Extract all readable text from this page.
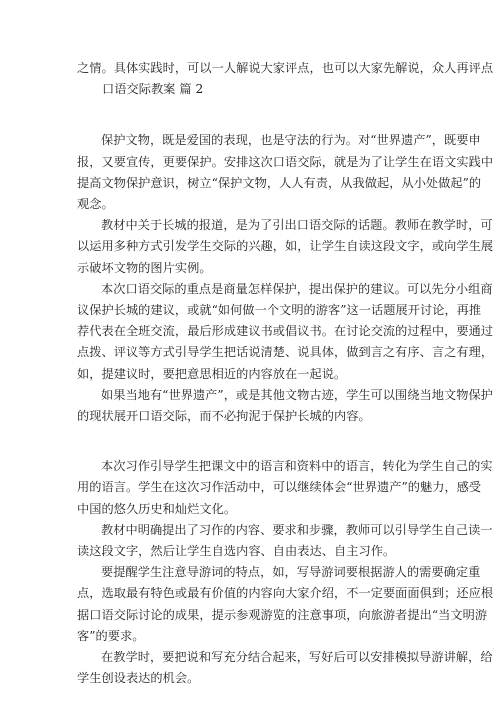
之情。具体实践时，可以一人解说大家评点，也可以大家先解说，众人再评点

口语交际教案 篇 2

保护文物，既是爱国的表现，也是守法的行为。对“世界遗产”，既要申

报，又要宣传，更要保护。安排这次口语交际，就是为了让学生在语文实践中

提高文物保护意识，树立“保护文物，人人有责，从我做起，从小处做起”的

观念。

教材中关于长城的报道，是为了引出口语交际的话题。教师在教学时，可

以运用多种方式引发学生交际的兴趣，如，让学生自读这段文字，或向学生展

示破坏文物的图片实例。

本次口语交际的重点是商量怎样保护，提出保护的建议。可以先分小组商

议保护长城的建议，或就“如何做一个文明的游客”这一话题展开讨论，再推

荐代表在全班交流，最后形成建议书或倡议书。在讨论交流的过程中，要通过

点拨、评议等方式引导学生把话说清楚、说具体，做到言之有序、言之有理，

如，提建议时，要把意思相近的内容放在一起说。

如果当地有“世界遗产”，或是其他文物古迹，学生可以围绕当地文物保护

的现状展开口语交际，而不必拘泥于保护长城的内容。

本次习作引导学生把课文中的语言和资料中的语言，转化为学生自己的实

用的语言。学生在这次习作活动中，可以继续体会“世界遗产”的魅力，感受

中国的悠久历史和灿烂文化。

教材中明确提出了习作的内容、要求和步骤，教师可以引导学生自己读一

读这段文字，然后让学生自选内容、自由表达、自主习作。

要提醒学生注意导游词的特点，如，写导游词要根据游人的需要确定重

点，选取最有特色或最有价值的内容向大家介绍，不一定要面面俱到；还应根

据口语交际讨论的成果，提示参观游览的注意事项，向旅游者提出“当文明游

客”的要求。

在教学时，要把说和写充分结合起来，写好后可以安排模拟导游讲解，给

学生创设表达的机会。
